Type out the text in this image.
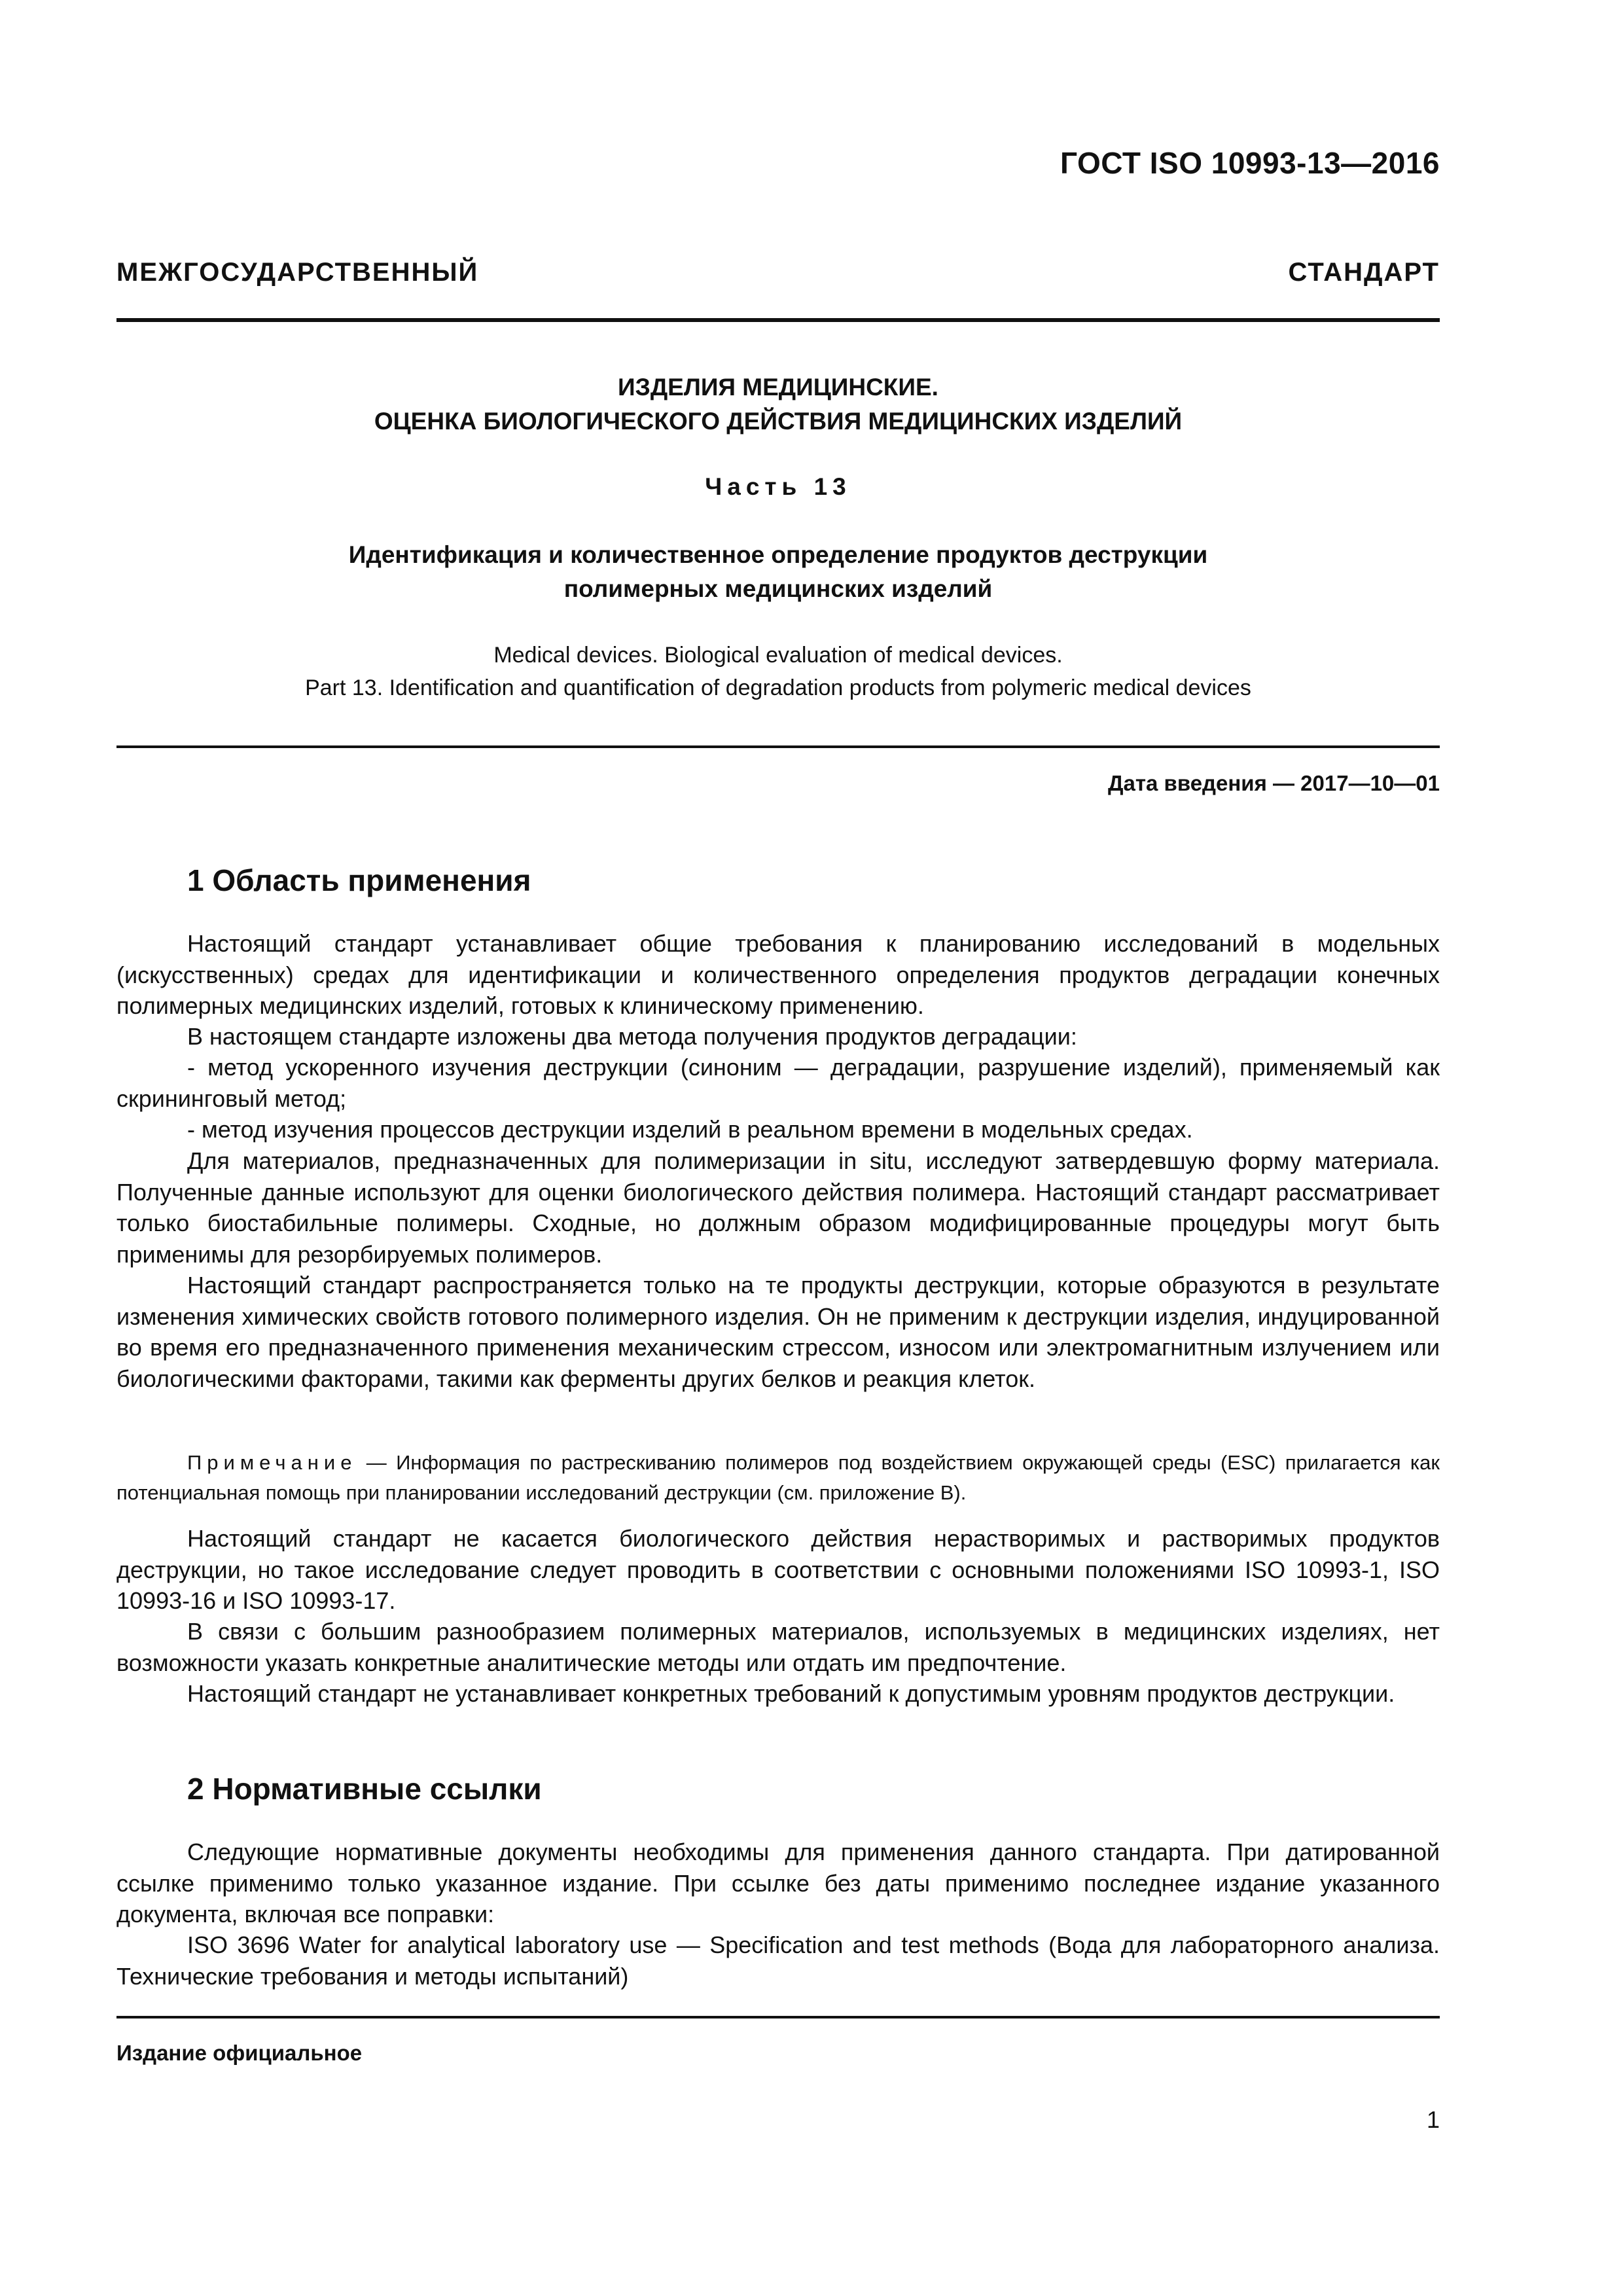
ГОСТ ISO 10993-13—2016
МЕЖГОСУДАРСТВЕННЫЙ СТАНДАРТ
ИЗДЕЛИЯ МЕДИЦИНСКИЕ.
ОЦЕНКА БИОЛОГИЧЕСКОГО ДЕЙСТВИЯ МЕДИЦИНСКИХ ИЗДЕЛИЙ
Часть 13
Идентификация и количественное определение продуктов деструкции
полимерных медицинских изделий
Medical devices. Biological evaluation of medical devices.
Part 13. Identification and quantification of degradation products from polymeric medical devices
Дата введения — 2017—10—01
1 Область применения

Настоящий стандарт устанавливает общие требования к планированию исследований в модельных (искусственных) средах для идентификации и количественного определения продуктов деградации конечных полимерных медицинских изделий, готовых к клиническому применению.

В настоящем стандарте изложены два метода получения продуктов деградации:

- метод ускоренного изучения деструкции (синоним — деградации, разрушение изделий), применяемый как скрининговый метод;

- метод изучения процессов деструкции изделий в реальном времени в модельных средах.

Для материалов, предназначенных для полимеризации in situ, исследуют затвердевшую форму материала. Полученные данные используют для оценки биологического действия полимера. Настоящий стандарт рассматривает только биостабильные полимеры. Сходные, но должным образом модифицированные процедуры могут быть применимы для резорбируемых полимеров.

Настоящий стандарт распространяется только на те продукты деструкции, которые образуются в результате изменения химических свойств готового полимерного изделия. Он не применим к деструкции изделия, индуцированной во время его предназначенного применения механическим стрессом, износом или электромагнитным излучением или биологическими факторами, такими как ферменты других белков и реакция клеток.

Примечание — Информация по растрескиванию полимеров под воздействием окружающей среды (ESC) прилагается как потенциальная помощь при планировании исследований деструкции (см. приложение B).

Настоящий стандарт не касается биологического действия нерастворимых и растворимых продуктов деструкции, но такое исследование следует проводить в соответствии с основными положениями ISO 10993-1, ISO 10993-16 и ISO 10993-17.

В связи с большим разнообразием полимерных материалов, используемых в медицинских изделиях, нет возможности указать конкретные аналитические методы или отдать им предпочтение.

Настоящий стандарт не устанавливает конкретных требований к допустимым уровням продуктов деструкции.

2 Нормативные ссылки

Следующие нормативные документы необходимы для применения данного стандарта. При датированной ссылке применимо только указанное издание. При ссылке без даты применимо последнее издание указанного документа, включая все поправки:

ISO 3696 Water for analytical laboratory use — Specification and test methods (Вода для лабораторного анализа. Технические требования и методы испытаний)

Издание официальное
1
